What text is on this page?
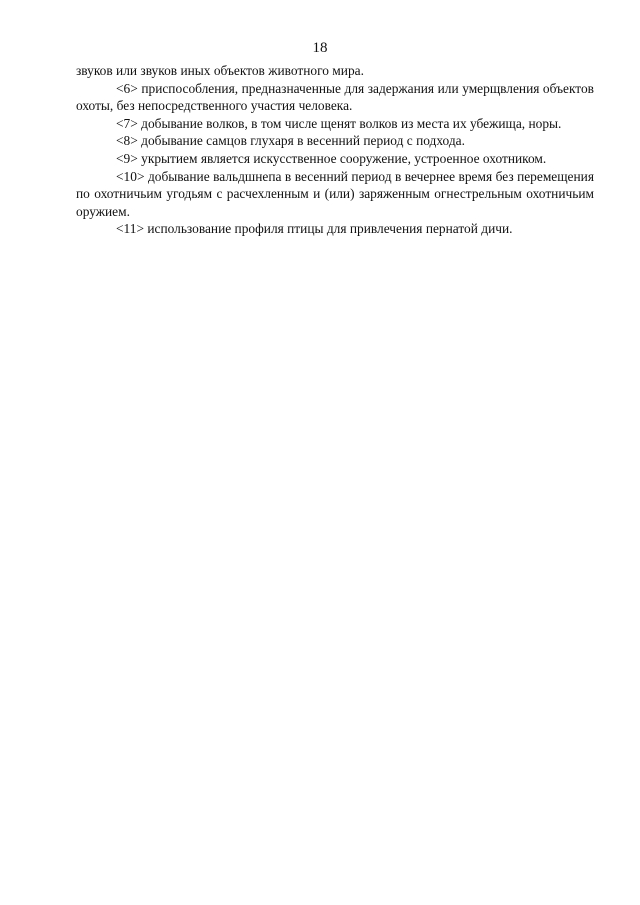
18

звуков или звуков иных объектов животного мира.

<6> приспособления, предназначенные для задержания или умерщвления объектов охоты, без непосредственного участия человека.

<7> добывание волков, в том числе щенят волков из места их убежища, норы.

<8> добывание самцов глухаря в весенний период с подхода.

<9> укрытием является искусственное сооружение, устроенное охотником.

<10> добывание вальдшнепа в весенний период в вечернее время без перемещения по охотничьим угодьям с расчехленным и (или) заряженным огнестрельным охотничьим оружием.

<11> использование профиля птицы для привлечения пернатой дичи.
